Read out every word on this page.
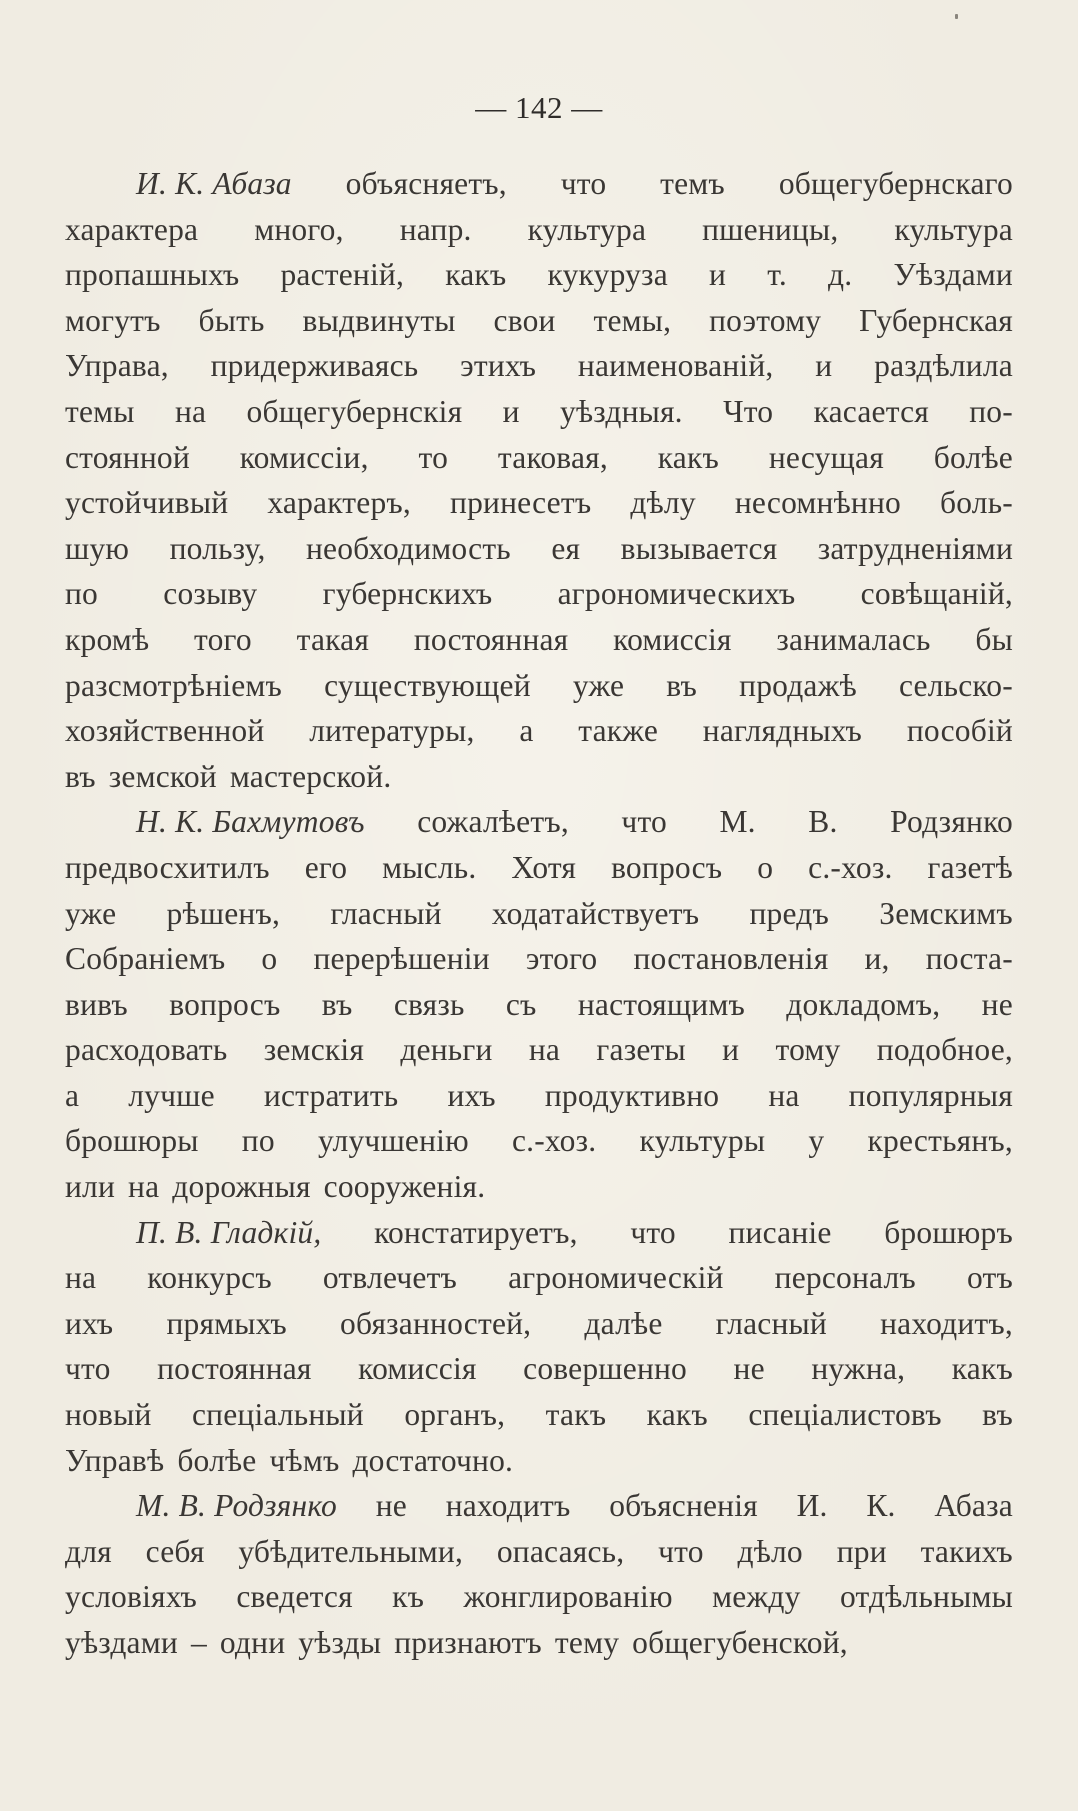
— 142 —
И. К. Абаза объясняетъ, что темъ общегубернскаго
характера много, напр. культура пшеницы, культура
пропашныхъ растеній, какъ кукуруза и т. д. Уѣздами
могутъ быть выдвинуты свои темы, поэтому Губернская
Управа, придерживаясь этихъ наименованій, и раздѣлила
темы на общегубернскія и уѣздныя. Что касается по-
стоянной комиссіи, то таковая, какъ несущая болѣе
устойчивый характеръ, принесетъ дѣлу несомнѣнно боль-
шую пользу, необходимость ея вызывается затрудненіями
по созыву губернскихъ агрономическихъ совѣщаній,
кромѣ того такая постоянная комиссія занималась бы
разсмотрѣніемъ существующей уже въ продажѣ сельско-
хозяйственной литературы, а также наглядныхъ пособій
въ земской мастерской.
Н. К. Бахмутовъ сожалѣетъ, что М. В. Родзянко
предвосхитилъ его мысль. Хотя вопросъ о с.-хоз. газетѣ
уже рѣшенъ, гласный ходатайствуетъ предъ Земскимъ
Собраніемъ о перерѣшеніи этого постановленія и, поста-
вивъ вопросъ въ связь съ настоящимъ докладомъ, не
расходовать земскія деньги на газеты и тому подобное,
а лучше истратить ихъ продуктивно на популярныя
брошюры по улучшенію с.-хоз. культуры у крестьянъ,
или на дорожныя сооруженія.
П. В. Гладкій, констатируетъ, что писаніе брошюръ
на конкурсъ отвлечетъ агрономическій персоналъ отъ
ихъ прямыхъ обязанностей, далѣе гласный находитъ,
что постоянная комиссія совершенно не нужна, какъ
новый спеціальный органъ, такъ какъ спеціалистовъ въ
Управѣ болѣе чѣмъ достаточно.
М. В. Родзянко не находитъ объясненія И. К. Абаза
для себя убѣдительными, опасаясь, что дѣло при такихъ
условіяхъ сведется къ жонглированію между отдѣльнымы
уѣздами – одни уѣзды признаютъ тему общегубенской,
